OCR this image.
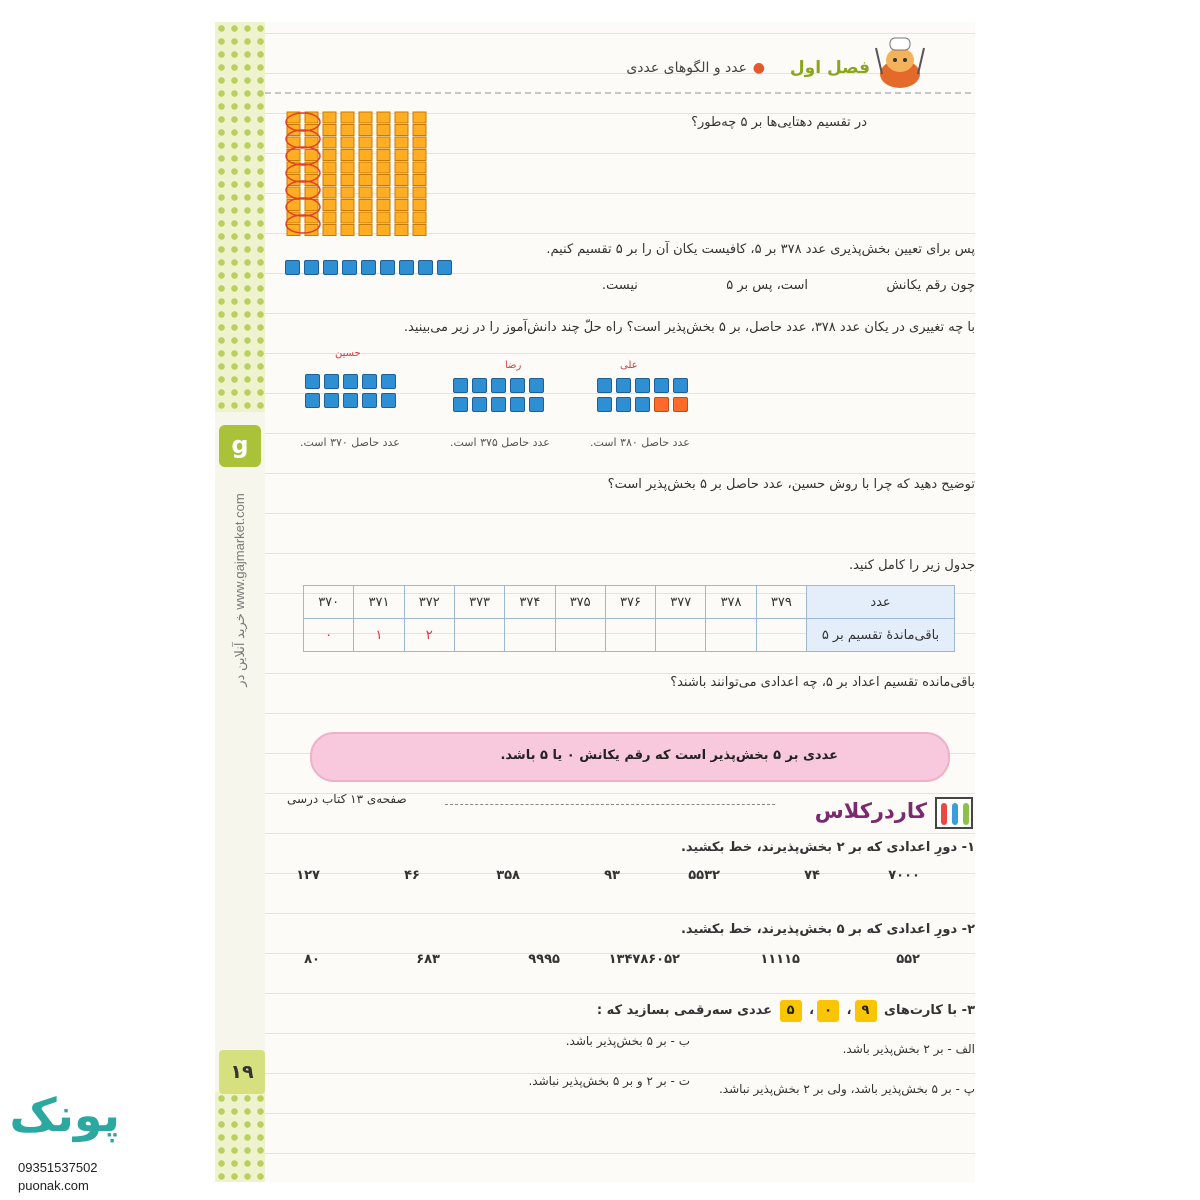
g
خرید آنلاین در www.gajmarket.com
۱۹
فصل اول
●
عدد و الگوهای عددی
در تقسیم دهتایی‌ها بر ۵ چه‌طور؟
پس برای تعیین بخش‌پذیری عدد ۳۷۸ بر ۵، کافیست یکان آن را بر ۵ تقسیم کنیم.
چون رقم یکانش  است، پس بر ۵  نیست.
با چه تغییری در یکان عدد ۳۷۸، عدد حاصل، بر ۵ بخش‌پذیر است؟ راه حلّ چند دانش‌آموز را در زیر می‌بینید.
علی
عدد حاصل ۳۸۰ است.
رضا
عدد حاصل ۳۷۵ است.
حسین
عدد حاصل ۳۷۰ است.
توضیح دهید که چرا با روش حسین، عدد حاصل بر ۵ بخش‌پذیر است؟
جدول زیر را کامل کنید.
عدد	۳۷۹	۳۷۸	۳۷۷	۳۷۶	۳۷۵	۳۷۴	۳۷۳	۳۷۲	۳۷۱	۳۷۰
باقی‌ماندهٔ تقسیم بر ۵								۲	۱	۰
باقی‌مانده تقسیم اعداد بر ۵، چه اعدادی می‌توانند باشند؟
عددی بر ۵ بخش‌پذیر است که رقم یکانش ۰ یا ۵ باشد.
صفحه‌ی ۱۳ کتاب درسی	کاردرکلاس
۱- دورِ اعدادی که بر ۲ بخش‌پذیرند، خط بکشید.
۷۰۰۰
۷۴
۵۵۳۲
۹۳
۳۵۸
۴۶
۱۲۷
۲- دورِ اعدادی که بر ۵ بخش‌پذیرند، خط بکشید.
۵۵۲
۱۱۱۱۵
۱۳۴۷۸۶۰۵۲
۹۹۹۵
۶۸۳
۸۰
۳- با کارت‌های ۹، ۰، ۵ عددی سه‌رقمی بسازید که :
الف - بر ۲ بخش‌پذیر باشد.
ب - بر ۵ بخش‌پذیر باشد.
پ - بر ۵ بخش‌پذیر باشد، ولی بر ۲ بخش‌پذیر نباشد.
ت - بر ۲ و بر ۵ بخش‌پذیر نباشد.
پونک
09351537502
puonak.com
